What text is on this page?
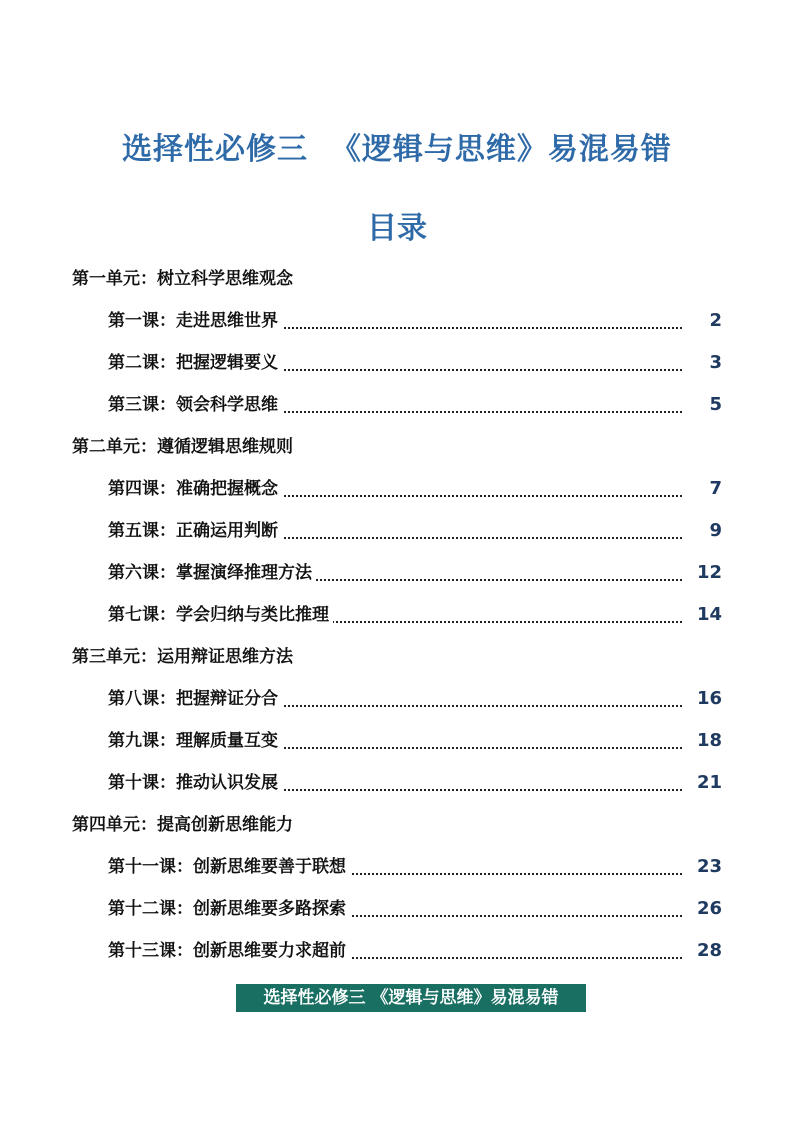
选择性必修三  《逻辑与思维》易混易错
目录
第一单元：树立科学思维观念
第一课：走进思维世界	2
第二课：把握逻辑要义	3
第三课：领会科学思维	5
第二单元：遵循逻辑思维规则
第四课：准确把握概念	7
第五课：正确运用判断	9
第六课：掌握演绎推理方法	12
第七课：学会归纳与类比推理	14
第三单元：运用辩证思维方法
第八课：把握辩证分合	16
第九课：理解质量互变	18
第十课：推动认识发展	21
第四单元：提高创新思维能力
第十一课：创新思维要善于联想	23
第十二课：创新思维要多路探索	26
第十三课：创新思维要力求超前	28
选择性必修三 《逻辑与思维》易混易错
